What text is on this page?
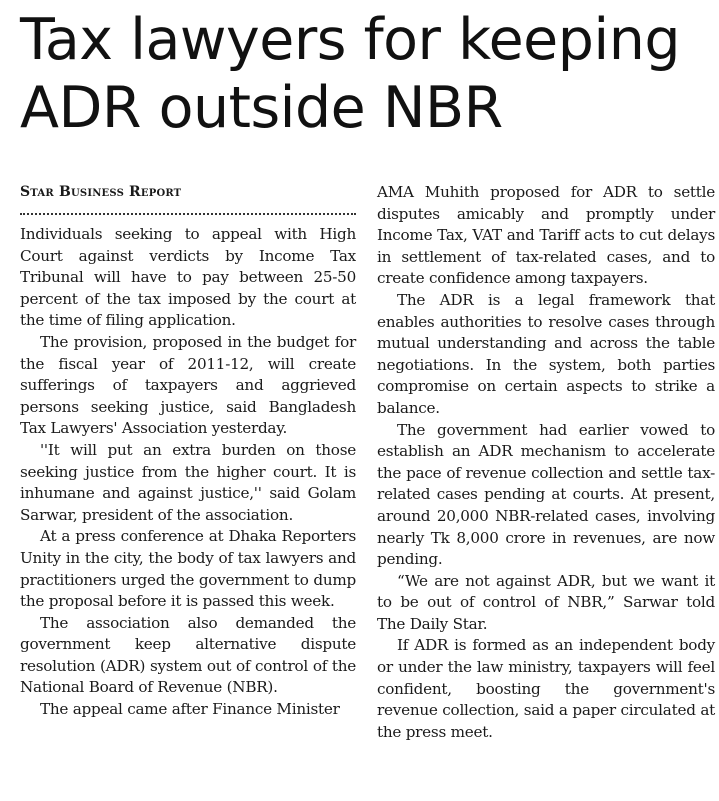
Tax lawyers for keeping
ADR outside NBR
Star Business Report

Individuals seeking to appeal with High Court against verdicts by Income Tax Tribunal will have to pay between 25-50 percent of the tax imposed by the court at the time of filing application.

The provision, proposed in the budget for the fiscal year of 2011-12, will create sufferings of taxpayers and aggrieved persons seeking justice, said Bangladesh Tax Lawyers' Association yesterday.

''It will put an extra burden on those seeking justice from the higher court. It is inhumane and against justice,'' said Golam Sarwar, president of the association.

At a press conference at Dhaka Reporters Unity in the city, the body of tax lawyers and practitioners urged the government to dump the proposal before it is passed this week.

The association also demanded the government keep alternative dispute resolution (ADR) system out of control of the National Board of Revenue (NBR).

The appeal came after Finance Minister

AMA Muhith proposed for ADR to settle disputes amicably and promptly under Income Tax, VAT and Tariff acts to cut delays in settlement of tax-related cases, and to create confidence among taxpayers.

The ADR is a legal framework that enables authorities to resolve cases through mutual understanding and across the table negotiations. In the system, both parties compromise on certain aspects to strike a balance.

The government had earlier vowed to establish an ADR mechanism to accelerate the pace of revenue collection and settle tax-related cases pending at courts. At present, around 20,000 NBR-related cases, involving nearly Tk 8,000 crore in revenues, are now pending.

“We are not against ADR, but we want it to be out of control of NBR,” Sarwar told The Daily Star.

If ADR is formed as an independent body or under the law ministry, taxpayers will feel confident, boosting the government's revenue collection, said a paper circulated at the press meet.
